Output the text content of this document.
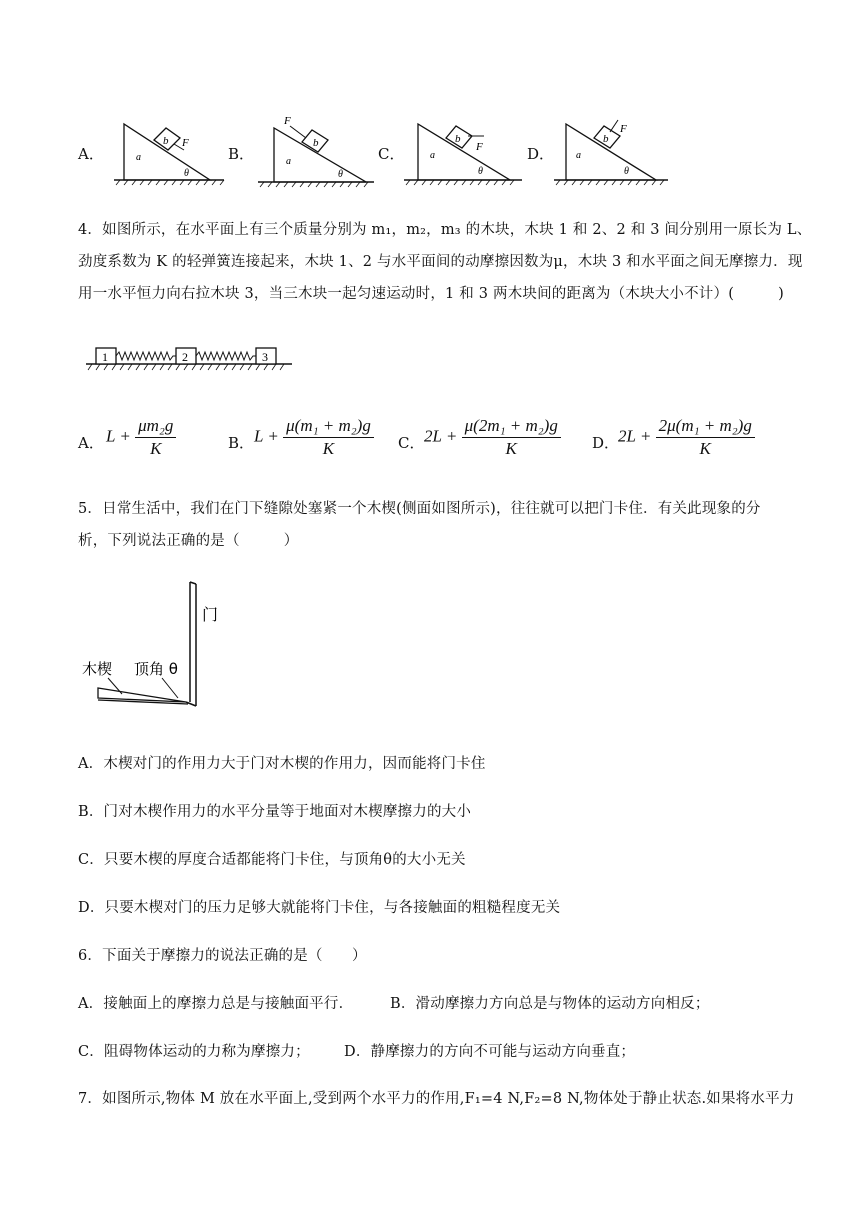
A．	B．	C．	D．
b
a
F
θ
b
a
F
θ
b
a
F
θ
b
a
F
θ
4．如图所示，在水平面上有三个质量分别为 m₁，m₂，m₃ 的木块，木块 1 和 2、2 和 3 间分别用一原长为 L、
劲度系数为 K 的轻弹簧连接起来，木块 1、2 与水平面间的动摩擦因数为μ，木块 3 和水平面之间无摩擦力．现
用一水平恒力向右拉木块 3，当三木块一起匀速运动时，1 和 3 两木块间的距离为（木块大小不计）(　　　)
1	2	3
A． $L + \frac{\text{μm₂g}}{K}$	B． $L + \frac{\text{μ(m₁ + m₂)g}}{K}$ C． $2L + \frac{\text{μ(2m₁ + m₂)g}}{K}$ D．
$2L + \frac{\text{2μ(m₁ + m₂)g}}{K}$
5．日常生活中，我们在门下缝隙处塞紧一个木楔(侧面如图所示)，往往就可以把门卡住．有关此现象的分
析，下列说法正确的是（　　　）
门
木楔 顶角 θ
A．木楔对门的作用力大于门对木楔的作用力，因而能将门卡住
B．门对木楔作用力的水平分量等于地面对木楔摩擦力的大小
C．只要木楔的厚度合适都能将门卡住，与顶角θ的大小无关
D．只要木楔对门的压力足够大就能将门卡住，与各接触面的粗糙程度无关
6．下面关于摩擦力的说法正确的是（　　）
A．接触面上的摩擦力总是与接触面平行．	B．滑动摩擦力方向总是与物体的运动方向相反；
C．阻碍物体运动的力称为摩擦力； D．静摩擦力的方向不可能与运动方向垂直；
7．如图所示,物体 M 放在水平面上,受到两个水平力的作用,F₁=4 N,F₂=8 N,物体处于静止状态.如果将水平力
